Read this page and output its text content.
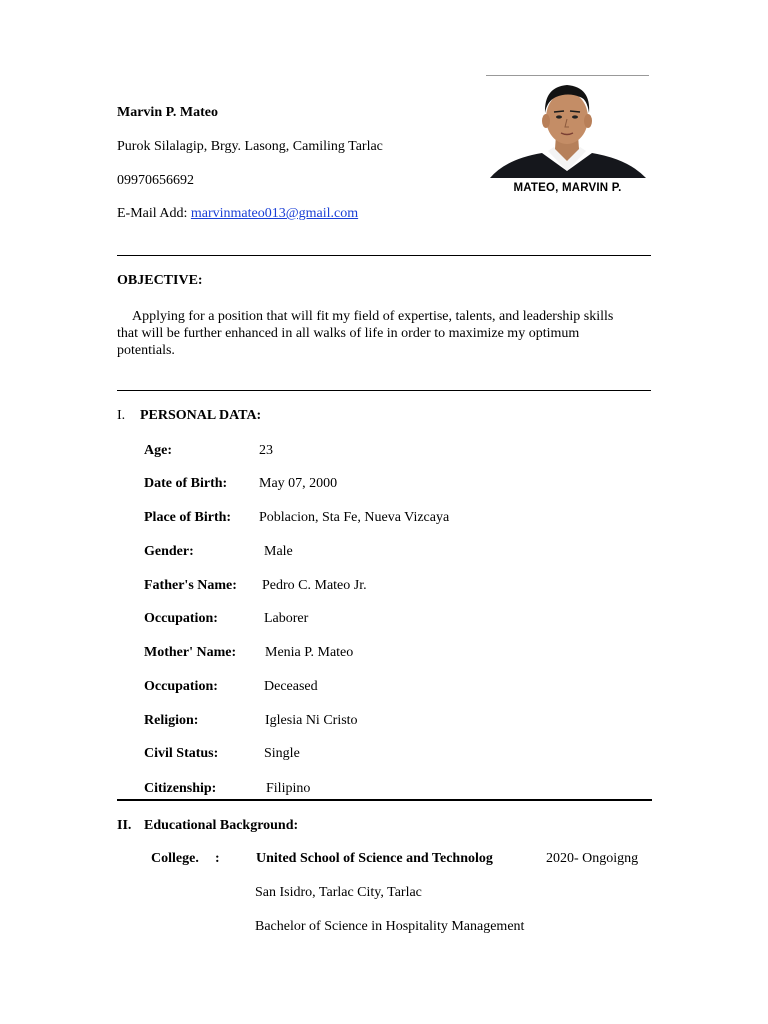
Marvin P. Mateo
Purok Silalagip, Brgy. Lasong, Camiling Tarlac
09970656692
E-Mail Add: marvinmateo013@gmail.com
MATEO, MARVIN P.
OBJECTIVE:
Applying for a position that will fit my field of expertise, talents, and leadership skills that will be further enhanced in all walks of life in order to maximize my optimum potentials.
I. PERSONAL DATA:
Age:	23
Date of Birth: May 07, 2000
Place of Birth: Poblacion, Sta Fe, Nueva Vizcaya
Gender:	Male
Father's Name: Pedro C. Mateo Jr.
Occupation:	Laborer
Mother' Name: Menia P. Mateo
Occupation:	Deceased
Religion:	Iglesia Ni Cristo
Civil Status:	Single
Citizenship:	Filipino
II. Educational Background:
College. :	United School of Science and Technolog	2020- Ongoigng
San Isidro, Tarlac City, Tarlac
Bachelor of Science in Hospitality Management
